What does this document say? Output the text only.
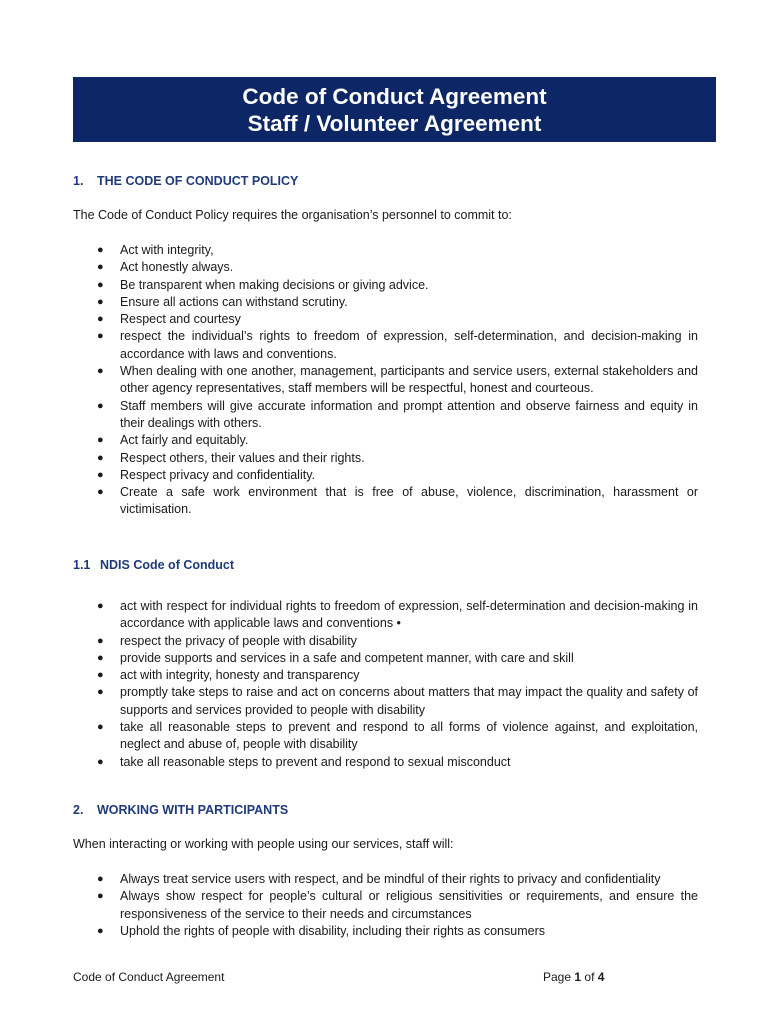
Code of Conduct Agreement
Staff / Volunteer Agreement
1. THE CODE OF CONDUCT POLICY
The Code of Conduct Policy requires the organisation’s personnel to commit to:
● Act with integrity,
● Act honestly always.
● Be transparent when making decisions or giving advice.
● Ensure all actions can withstand scrutiny.
● Respect and courtesy
● respect the individual’s rights to freedom of expression, self-determination, and decision-making in accordance with laws and conventions.
● When dealing with one another, management, participants and service users, external stakeholders and other agency representatives, staff members will be respectful, honest and courteous.
● Staff members will give accurate information and prompt attention and observe fairness and equity in their dealings with others.
● Act fairly and equitably.
● Respect others, their values and their rights.
● Respect privacy and confidentiality.
● Create a safe work environment that is free of abuse, violence, discrimination, harassment or victimisation.
1.1 NDIS Code of Conduct
● act with respect for individual rights to freedom of expression, self-determination and decision-making in accordance with applicable laws and conventions •
● respect the privacy of people with disability
● provide supports and services in a safe and competent manner, with care and skill
● act with integrity, honesty and transparency
● promptly take steps to raise and act on concerns about matters that may impact the quality and safety of supports and services provided to people with disability
● take all reasonable steps to prevent and respond to all forms of violence against, and exploitation, neglect and abuse of, people with disability
● take all reasonable steps to prevent and respond to sexual misconduct
2. WORKING WITH PARTICIPANTS
When interacting or working with people using our services, staff will:
● Always treat service users with respect, and be mindful of their rights to privacy and confidentiality
● Always show respect for people’s cultural or religious sensitivities or requirements, and ensure the responsiveness of the service to their needs and circumstances
● Uphold the rights of people with disability, including their rights as consumers
Code of Conduct Agreement	Page 1 of 4
